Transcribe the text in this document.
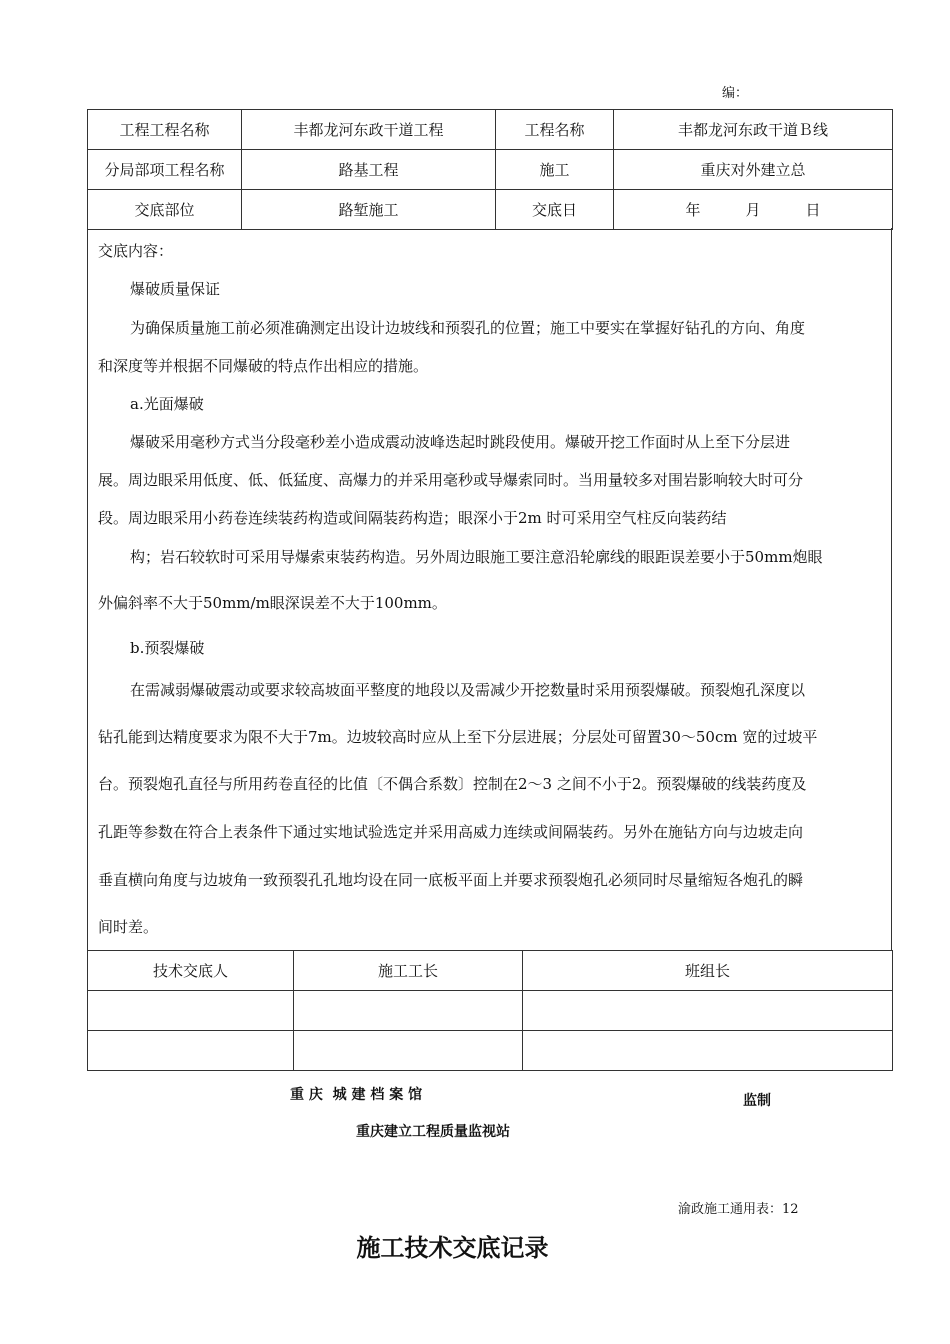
编：
工程工程名称	丰都龙河东政干道工程	工程名称	丰都龙河东政干道Ｂ线
分局部项工程名称	路基工程	施工	重庆对外建立总
交底部位	路堑施工	交底日	年　　　月　　　日
交底内容：
爆破质量保证
为确保质量施工前必须准确测定出设计边坡线和预裂孔的位置；施工中要实在掌握好钻孔的方向、角度
和深度等并根据不同爆破的特点作出相应的措施。
a.光面爆破
爆破采用毫秒方式当分段毫秒差小造成震动波峰迭起时跳段使用。爆破开挖工作面时从上至下分层进
展。周边眼采用低度、低、低猛度、高爆力的并采用毫秒或导爆索同时。当用量较多对围岩影响较大时可分
段。周边眼采用小药卷连续装药构造或间隔装药构造；眼深小于2m 时可采用空气柱反向装药结
构；岩石较软时可采用导爆索束装药构造。另外周边眼施工要注意沿轮廓线的眼距误差要小于50mm炮眼
外偏斜率不大于50mm/m眼深误差不大于100mm。
b.预裂爆破
在需减弱爆破震动或要求较高坡面平整度的地段以及需减少开挖数量时采用预裂爆破。预裂炮孔深度以
钻孔能到达精度要求为限不大于7m。边坡较高时应从上至下分层进展；分层处可留置30～50cm 宽的过坡平
台。预裂炮孔直径与所用药卷直径的比值〔不偶合系数〕控制在2～3 之间不小于2。预裂爆破的线装药度及
孔距等参数在符合上表条件下通过实地试验选定并采用高威力连续或间隔装药。另外在施钻方向与边坡走向
垂直横向角度与边坡角一致预裂孔孔地均设在同一底板平面上并要求预裂炮孔必须同时尽量缩短各炮孔的瞬
间时差。
技术交底人	施工工长	班组长

重 庆  城 建 档 案 馆	监制
重庆建立工程质量监视站
渝政施工通用表：12
施工技术交底记录
